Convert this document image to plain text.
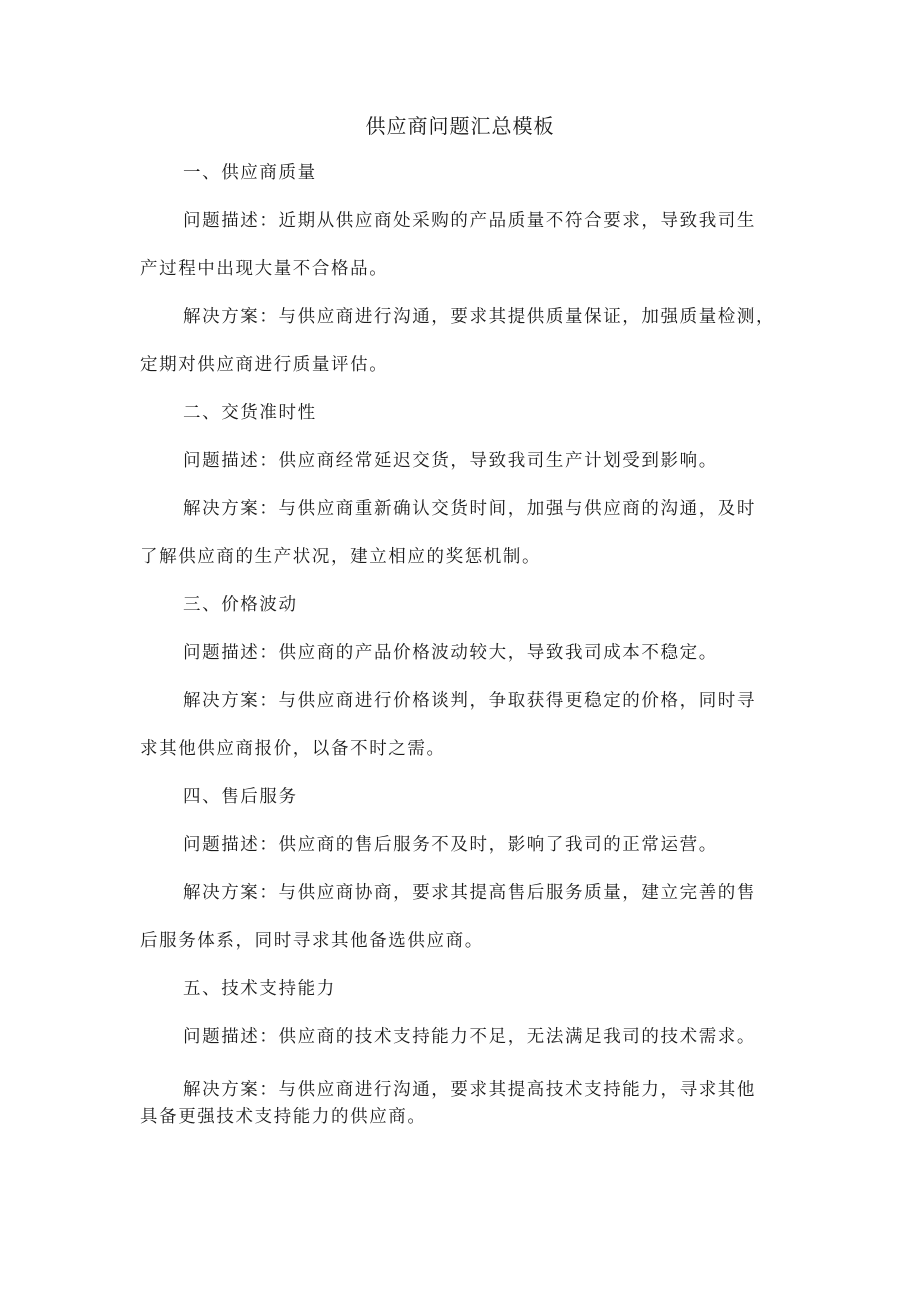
供应商问题汇总模板
一、供应商质量
问题描述：近期从供应商处采购的产品质量不符合要求，导致我司生
产过程中出现大量不合格品。
解决方案：与供应商进行沟通，要求其提供质量保证，加强质量检测，
定期对供应商进行质量评估。
二、交货准时性
问题描述：供应商经常延迟交货，导致我司生产计划受到影响。
解决方案：与供应商重新确认交货时间，加强与供应商的沟通，及时
了解供应商的生产状况，建立相应的奖惩机制。
三、价格波动
问题描述：供应商的产品价格波动较大，导致我司成本不稳定。
解决方案：与供应商进行价格谈判，争取获得更稳定的价格，同时寻
求其他供应商报价，以备不时之需。
四、售后服务
问题描述：供应商的售后服务不及时，影响了我司的正常运营。
解决方案：与供应商协商，要求其提高售后服务质量，建立完善的售
后服务体系，同时寻求其他备选供应商。
五、技术支持能力
问题描述：供应商的技术支持能力不足，无法满足我司的技术需求。
解决方案：与供应商进行沟通，要求其提高技术支持能力，寻求其他
具备更强技术支持能力的供应商。
